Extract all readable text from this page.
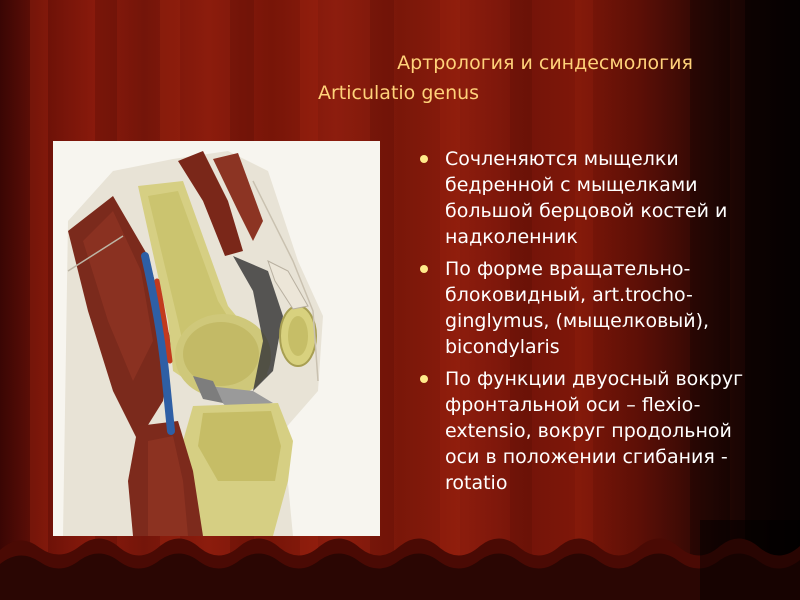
Артрология и синдесмология
Articulatio genus
Сочленяются мыщелки бедренной с мыщелками большой берцовой костей и надколенник
По форме вращательно-блоковидный, art.trocho-ginglymus, (мыщелковый), bicondylaris
По функции двуосный вокруг фронтальной оси – flexio-extensio, вокруг продольной оси в положении сгибания - rotatio
